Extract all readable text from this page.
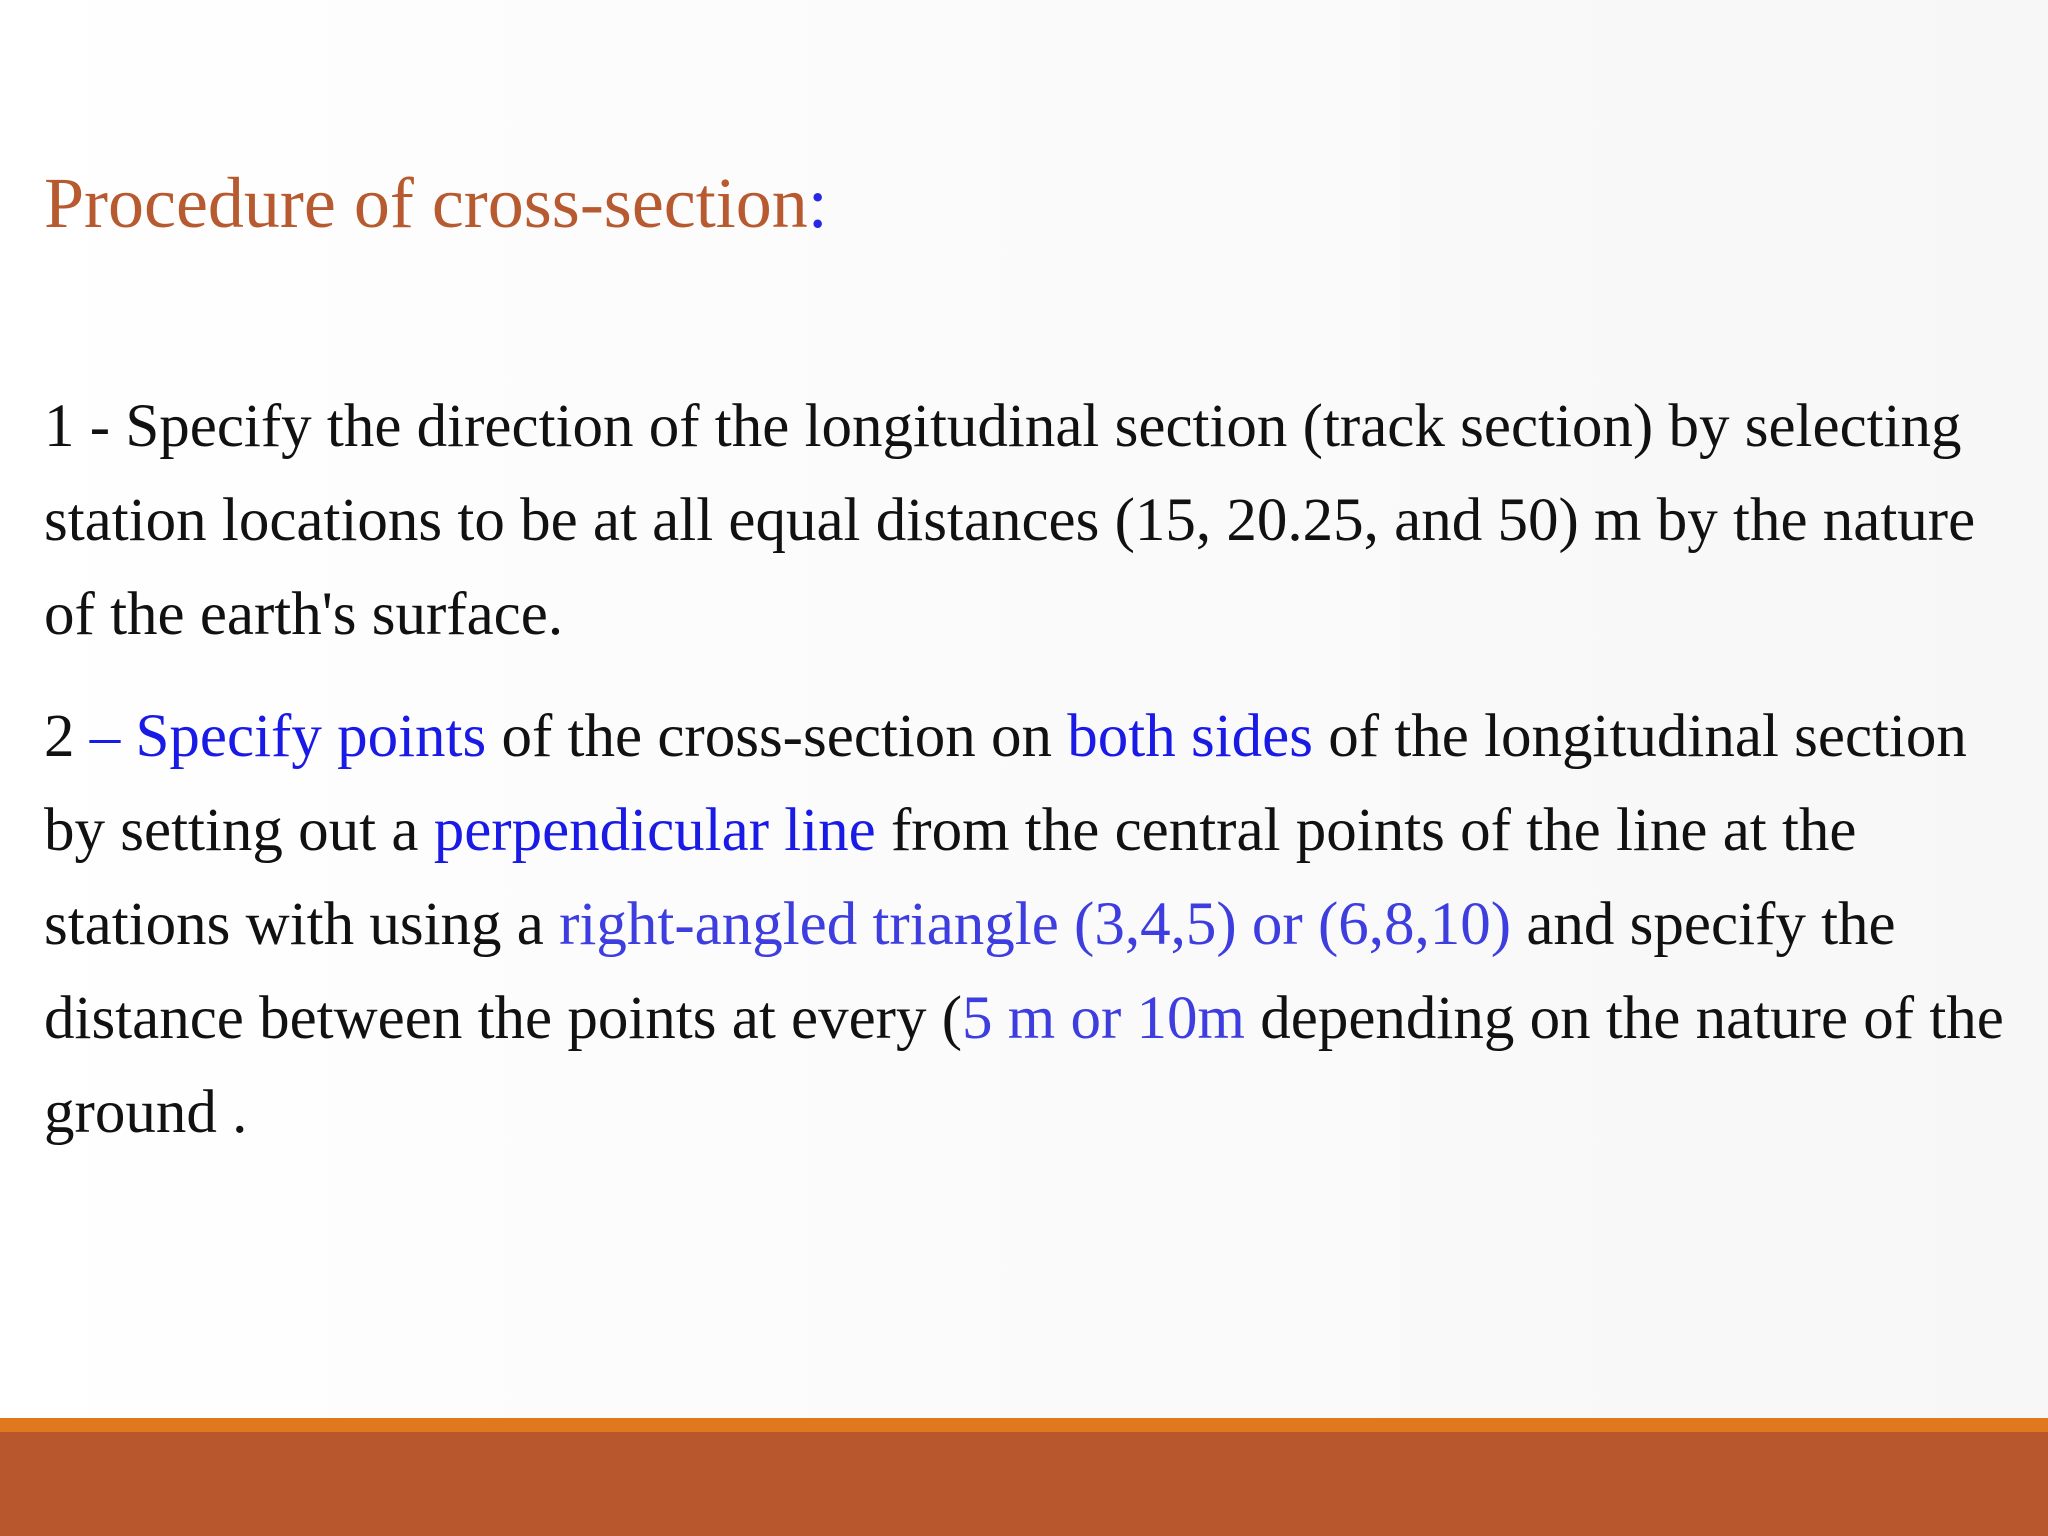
Procedure of cross-section:

1 - Specify the direction of the longitudinal section (track section) by selecting station locations to be at all equal distances (15, 20.25, and 50) m by the nature of the earth's surface.

2 – Specify points of the cross-section on both sides of the longitudinal section by setting out a perpendicular line from the central points of the line at the stations with using a right-angled triangle (3,4,5) or (6,8,10) and specify the distance between the points at every (5 m or 10m depending on the nature of the ground .
